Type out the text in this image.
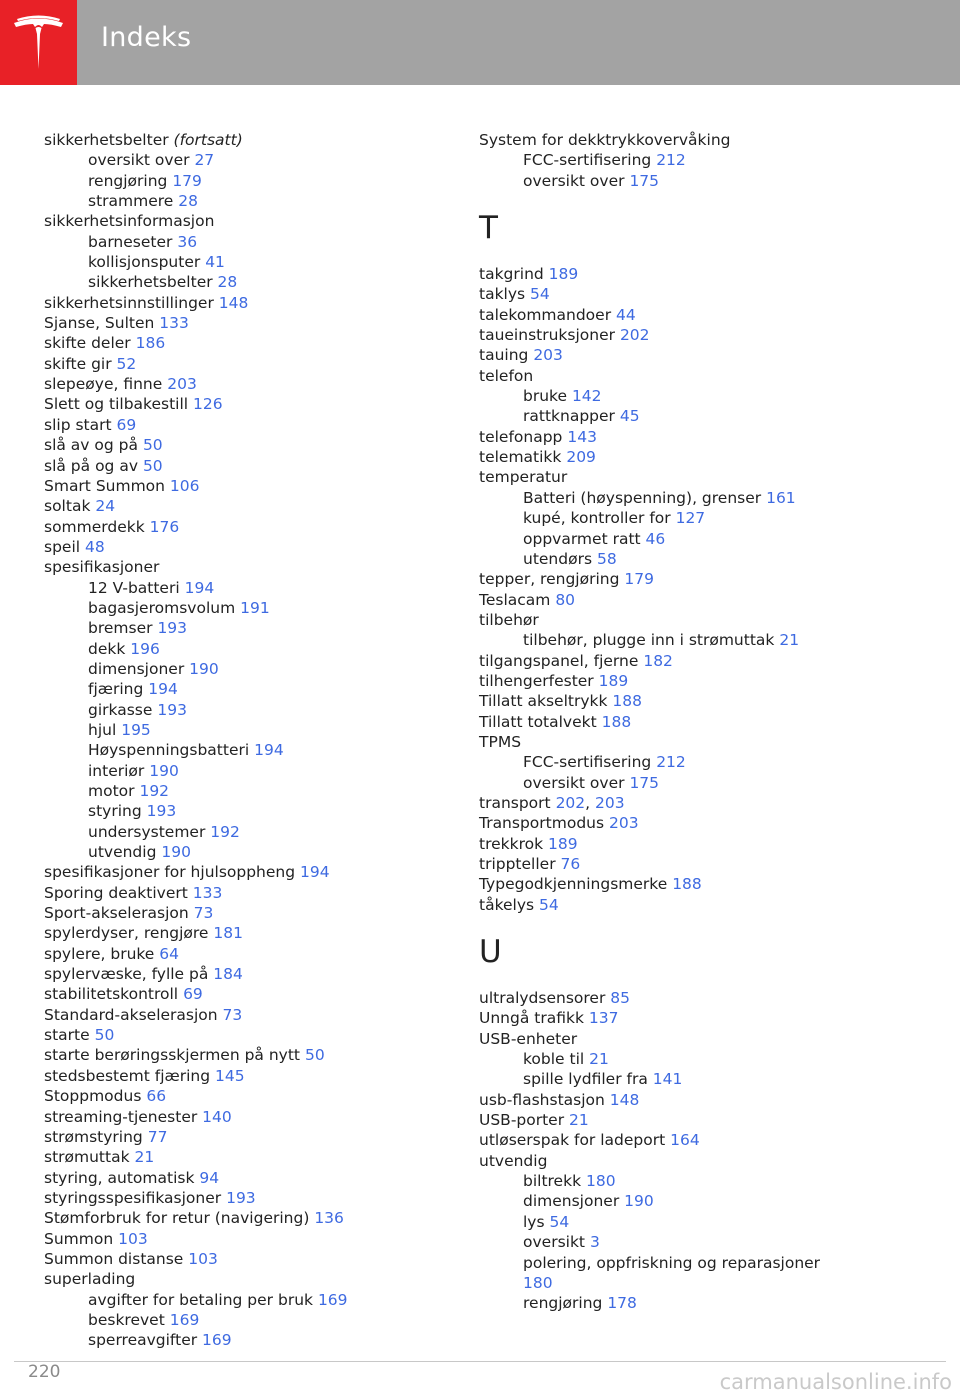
Indeks
sikkerhetsbelter (fortsatt)
oversikt over 27
rengjøring 179
strammere 28
sikkerhetsinformasjon
barneseter 36
kollisjonsputer 41
sikkerhetsbelter 28
sikkerhetsinnstillinger 148
Sjanse, Sulten 133
skifte deler 186
skifte gir 52
slepeøye, finne 203
Slett og tilbakestill 126
slip start 69
slå av og på 50
slå på og av 50
Smart Summon 106
soltak 24
sommerdekk 176
speil 48
spesifikasjoner
12 V-batteri 194
bagasjeromsvolum 191
bremser 193
dekk 196
dimensjoner 190
fjæring 194
girkasse 193
hjul 195
Høyspenningsbatteri 194
interiør 190
motor 192
styring 193
undersystemer 192
utvendig 190
spesifikasjoner for hjulsoppheng 194
Sporing deaktivert 133
Sport-akselerasjon 73
spylerdyser, rengjøre 181
spylere, bruke 64
spylervæske, fylle på 184
stabilitetskontroll 69
Standard-akselerasjon 73
starte 50
starte berøringsskjermen på nytt 50
stedsbestemt fjæring 145
Stoppmodus 66
streaming-tjenester 140
strømstyring 77
strømuttak 21
styring, automatisk 94
styringsspesifikasjoner 193
Stømforbruk for retur (navigering) 136
Summon 103
Summon distanse 103
superlading
avgifter for betaling per bruk 169
beskrevet 169
sperreavgifter 169
System for dekktrykkovervåking
FCC-sertifisering 212
oversikt over 175
T
takgrind 189
taklys 54
talekommandoer 44
taueinstruksjoner 202
tauing 203
telefon
bruke 142
rattknapper 45
telefonapp 143
telematikk 209
temperatur
Batteri (høyspenning), grenser 161
kupé, kontroller for 127
oppvarmet ratt 46
utendørs 58
tepper, rengjøring 179
Teslacam 80
tilbehør
tilbehør, plugge inn i strømuttak 21
tilgangspanel, fjerne 182
tilhengerfester 189
Tillatt akseltrykk 188
Tillatt totalvekt 188
TPMS
FCC-sertifisering 212
oversikt over 175
transport 202, 203
Transportmodus 203
trekkrok 189
trippteller 76
Typegodkjenningsmerke 188
tåkelys 54
U
ultralydsensorer 85
Unngå trafikk 137
USB-enheter
koble til 21
spille lydfiler fra 141
usb-flashstasjon 148
USB-porter 21
utløserspak for ladeport 164
utvendig
biltrekk 180
dimensjoner 190
lys 54
oversikt 3
polering, oppfriskning og reparasjoner
180
rengjøring 178
220	carmanualsonline.info
